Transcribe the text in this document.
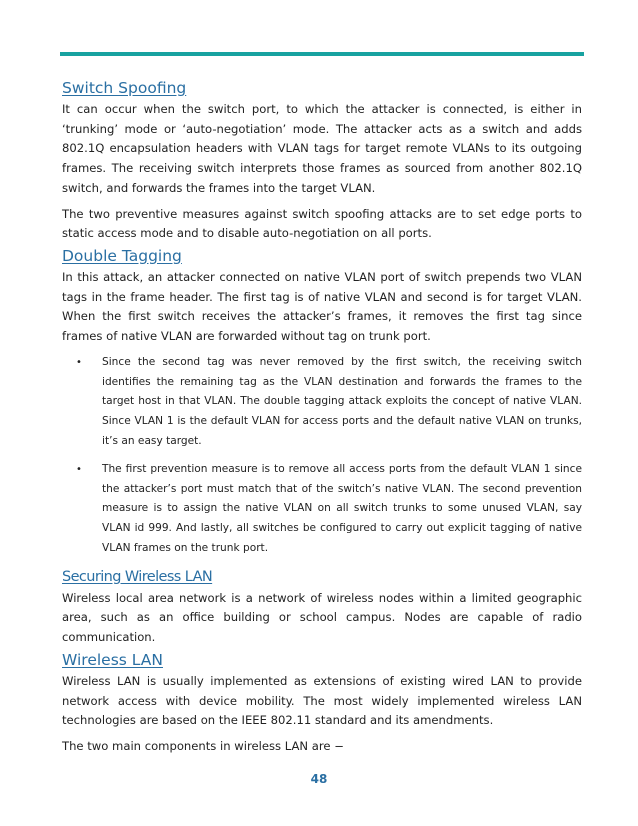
Switch Spoofing

It can occur when the switch port, to which the attacker is connected, is either in ‘trunking’ mode or ‘auto-negotiation’ mode. The attacker acts as a switch and adds 802.1Q encapsulation headers with VLAN tags for target remote VLANs to its outgoing frames. The receiving switch interprets those frames as sourced from another 802.1Q switch, and forwards the frames into the target VLAN.

The two preventive measures against switch spoofing attacks are to set edge ports to static access mode and to disable auto-negotiation on all ports.

Double Tagging

In this attack, an attacker connected on native VLAN port of switch prepends two VLAN tags in the frame header. The first tag is of native VLAN and second is for target VLAN. When the first switch receives the attacker’s frames, it removes the first tag since frames of native VLAN are forwarded without tag on trunk port.

• Since the second tag was never removed by the first switch, the receiving switch identifies the remaining tag as the VLAN destination and forwards the frames to the target host in that VLAN. The double tagging attack exploits the concept of native VLAN. Since VLAN 1 is the default VLAN for access ports and the default native VLAN on trunks, it’s an easy target.
• The first prevention measure is to remove all access ports from the default VLAN 1 since the attacker’s port must match that of the switch’s native VLAN. The second prevention measure is to assign the native VLAN on all switch trunks to some unused VLAN, say VLAN id 999. And lastly, all switches be configured to carry out explicit tagging of native VLAN frames on the trunk port.
Securing Wireless LAN

Wireless local area network is a network of wireless nodes within a limited geographic area, such as an office building or school campus. Nodes are capable of radio communication.

Wireless LAN

Wireless LAN is usually implemented as extensions of existing wired LAN to provide network access with device mobility. The most widely implemented wireless LAN technologies are based on the IEEE 802.11 standard and its amendments.

The two main components in wireless LAN are −

48
